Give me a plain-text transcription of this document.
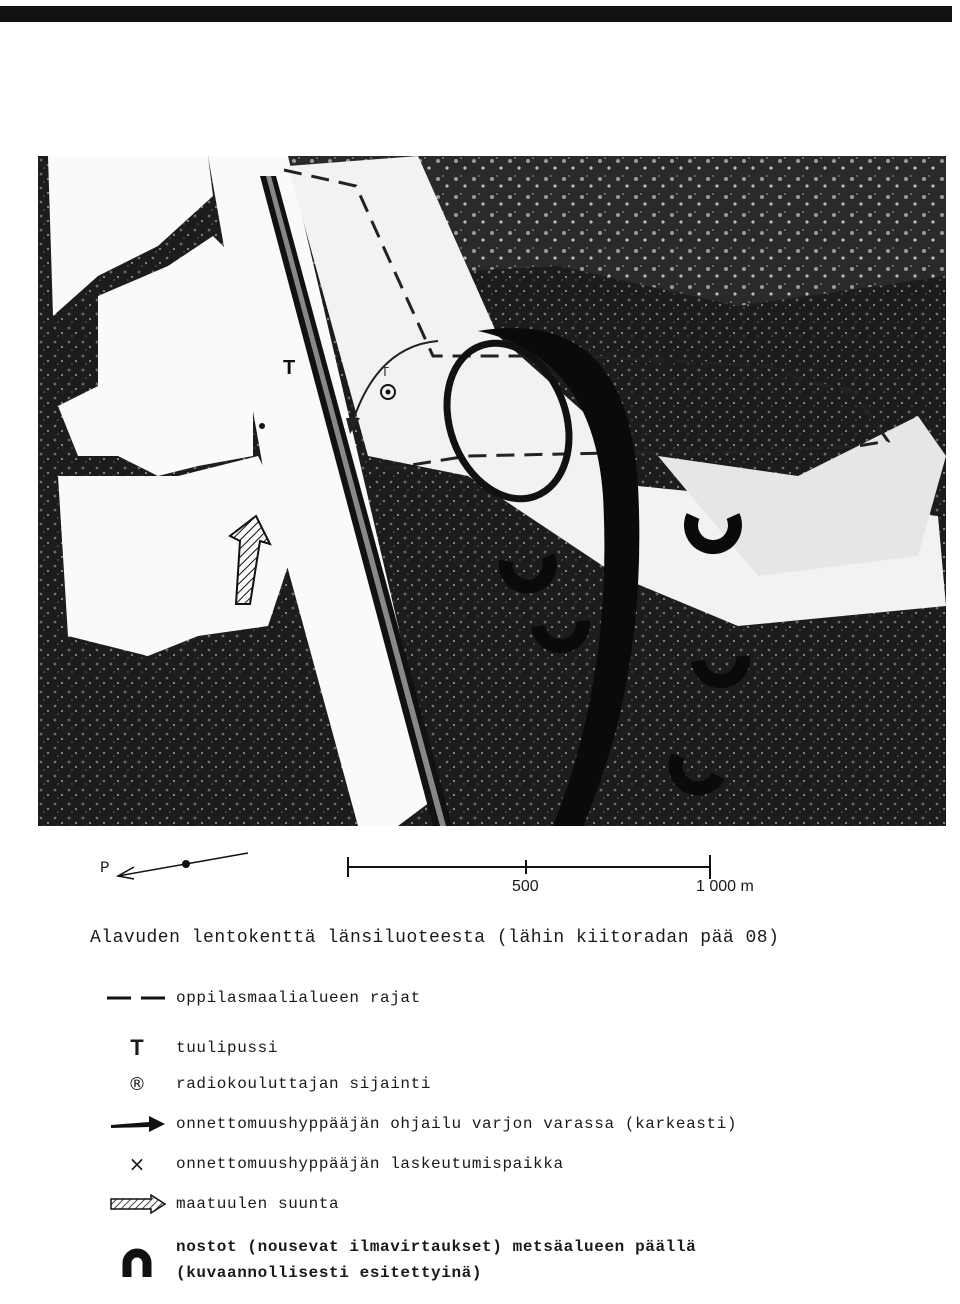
T	T
P
500	1 000 m
Alavuden lentokenttä länsiluoteesta (lähin kiitoradan pää 08)
oppilasmaalialueen rajat
T tuulipussi
® radiokouluttajan sijainti
onnettomuushyppääjän ohjailu varjon varassa (karkeasti)
× onnettomuushyppääjän laskeutumispaikka
maatuulen suunta
nostot (nousevat ilmavirtaukset) metsäalueen päällä
(kuvaannollisesti esitettyinä)
